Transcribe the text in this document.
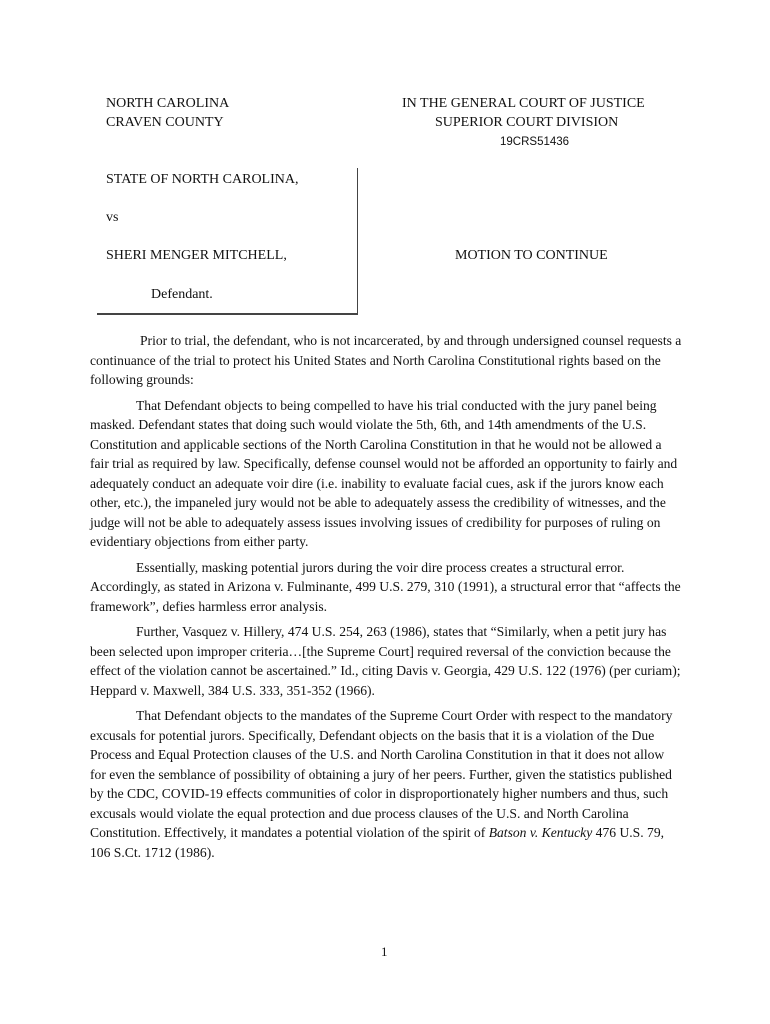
NORTH CAROLINA
CRAVEN COUNTY
IN THE GENERAL COURT OF JUSTICE
SUPERIOR COURT DIVISION
19CRS51436
STATE OF NORTH CAROLINA,
vs
SHERI MENGER MITCHELL,
Defendant.
MOTION TO CONTINUE

Prior to trial, the defendant, who is not incarcerated, by and through undersigned counsel requests a continuance of the trial to protect his United States and North Carolina Constitutional rights based on the following grounds:

That Defendant objects to being compelled to have his trial conducted with the jury panel being masked. Defendant states that doing such would violate the 5th, 6th, and 14th amendments of the U.S. Constitution and applicable sections of the North Carolina Constitution in that he would not be allowed a fair trial as required by law. Specifically, defense counsel would not be afforded an opportunity to fairly and adequately conduct an adequate voir dire (i.e. inability to evaluate facial cues, ask if the jurors know each other, etc.), the impaneled jury would not be able to adequately assess the credibility of witnesses, and the judge will not be able to adequately assess issues involving issues of credibility for purposes of ruling on evidentiary objections from either party.

Essentially, masking potential jurors during the voir dire process creates a structural error. Accordingly, as stated in Arizona v. Fulminante, 499 U.S. 279, 310 (1991), a structural error that “affects the framework”, defies harmless error analysis.

Further, Vasquez v. Hillery, 474 U.S. 254, 263 (1986), states that “Similarly, when a petit jury has been selected upon improper criteria…[the Supreme Court] required reversal of the conviction because the effect of the violation cannot be ascertained.” Id., citing Davis v. Georgia, 429 U.S. 122 (1976) (per curiam); Heppard v. Maxwell, 384 U.S. 333, 351-352 (1966).

That Defendant objects to the mandates of the Supreme Court Order with respect to the mandatory excusals for potential jurors. Specifically, Defendant objects on the basis that it is a violation of the Due Process and Equal Protection clauses of the U.S. and North Carolina Constitution in that it does not allow for even the semblance of possibility of obtaining a jury of her peers. Further, given the statistics published by the CDC, COVID-19 effects communities of color in disproportionately higher numbers and thus, such excusals would violate the equal protection and due process clauses of the U.S. and North Carolina Constitution. Effectively, it mandates a potential violation of the spirit of Batson v. Kentucky 476 U.S. 79, 106 S.Ct. 1712 (1986).

1
